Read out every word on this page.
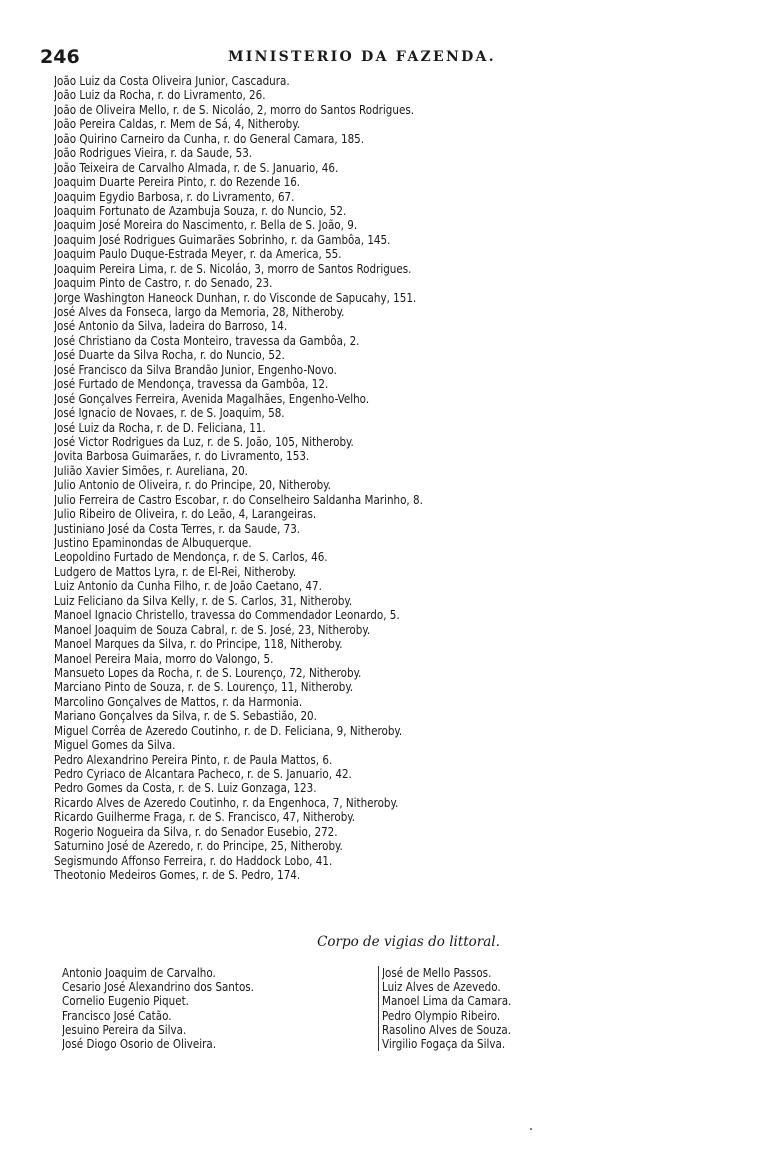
246	MINISTERIO DA FAZENDA.
João Luiz da Costa Oliveira Junior, Cascadura.
João Luiz da Rocha, r. do Livramento, 26.
João de Oliveira Mello, r. de S. Nicoláo, 2, morro do Santos Rodrigues.
João Pereira Caldas, r. Mem de Sá, 4, Nitheroby.
João Quirino Carneiro da Cunha, r. do General Camara, 185.
João Rodrigues Vieira, r. da Saude, 53.
João Teixeira de Carvalho Almada, r. de S. Januario, 46.
Joaquim Duarte Pereira Pinto, r. do Rezende 16.
Joaquim Egydio Barbosa, r. do Livramento, 67.
Joaquim Fortunato de Azambuja Souza, r. do Nuncio, 52.
Joaquim José Moreira do Nascimento, r. Bella de S. João, 9.
Joaquim José Rodrigues Guimarães Sobrinho, r. da Gambôa, 145.
Joaquim Paulo Duque-Estrada Meyer, r. da America, 55.
Joaquim Pereira Lima, r. de S. Nicoláo, 3, morro de Santos Rodrigues.
Joaquim Pinto de Castro, r. do Senado, 23.
Jorge Washington Haneock Dunhan, r. do Visconde de Sapucahy, 151.
José Alves da Fonseca, largo da Memoria, 28, Nitheroby.
José Antonio da Silva, ladeira do Barroso, 14.
José Christiano da Costa Monteiro, travessa da Gambôa, 2.
José Duarte da Silva Rocha, r. do Nuncio, 52.
José Francisco da Silva Brandão Junior, Engenho-Novo.
José Furtado de Mendonça, travessa da Gambôa, 12.
José Gonçalves Ferreira, Avenida Magalhães, Engenho-Velho.
José Ignacio de Novaes, r. de S. Joaquim, 58.
José Luiz da Rocha, r. de D. Feliciana, 11.
José Victor Rodrigues da Luz, r. de S. João, 105, Nitheroby.
Jovita Barbosa Guimarães, r. do Livramento, 153.
Julião Xavier Simões, r. Aureliana, 20.
Julio Antonio de Oliveira, r. do Principe, 20, Nitheroby.
Julio Ferreira de Castro Escobar, r. do Conselheiro Saldanha Marinho, 8.
Julio Ribeiro de Oliveira, r. do Leão, 4, Larangeiras.
Justiniano José da Costa Terres, r. da Saude, 73.
Justino Epaminondas de Albuquerque.
Leopoldino Furtado de Mendonça, r. de S. Carlos, 46.
Ludgero de Mattos Lyra, r. de El-Rei, Nitheroby.
Luiz Antonio da Cunha Filho, r. de João Caetano, 47.
Luiz Feliciano da Silva Kelly, r. de S. Carlos, 31, Nitheroby.
Manoel Ignacio Christello, travessa do Commendador Leonardo, 5.
Manoel Joaquim de Souza Cabral, r. de S. José, 23, Nitheroby.
Manoel Marques da Silva, r. do Principe, 118, Nitheroby.
Manoel Pereira Maia, morro do Valongo, 5.
Mansueto Lopes da Rocha, r. de S. Lourenço, 72, Nitheroby.
Marciano Pinto de Souza, r. de S. Lourenço, 11, Nitheroby.
Marcolino Gonçalves de Mattos, r. da Harmonia.
Mariano Gonçalves da Silva, r. de S. Sebastião, 20.
Miguel Corrêa de Azeredo Coutinho, r. de D. Feliciana, 9, Nitheroby.
Miguel Gomes da Silva.
Pedro Alexandrino Pereira Pinto, r. de Paula Mattos, 6.
Pedro Cyriaco de Alcantara Pacheco, r. de S. Januario, 42.
Pedro Gomes da Costa, r. de S. Luiz Gonzaga, 123.
Ricardo Alves de Azeredo Coutinho, r. da Engenhoca, 7, Nitheroby.
Ricardo Guilherme Fraga, r. de S. Francisco, 47, Nitheroby.
Rogerio Nogueira da Silva, r. do Senador Eusebio, 272.
Saturnino José de Azeredo, r. do Principe, 25, Nitheroby.
Segismundo Affonso Ferreira, r. do Haddock Lobo, 41.
Theotonio Medeiros Gomes, r. de S. Pedro, 174.
Corpo de vigias do littoral.
Antonio Joaquim de Carvalho.
Cesario José Alexandrino dos Santos.
Cornelio Eugenio Piquet.
Francisco José Catão.
Jesuino Pereira da Silva.
José Diogo Osorio de Oliveira.
José de Mello Passos.
Luiz Alves de Azevedo.
Manoel Lima da Camara.
Pedro Olympio Ribeiro.
Rasolino Alves de Souza.
Virgilio Fogaça da Silva.
